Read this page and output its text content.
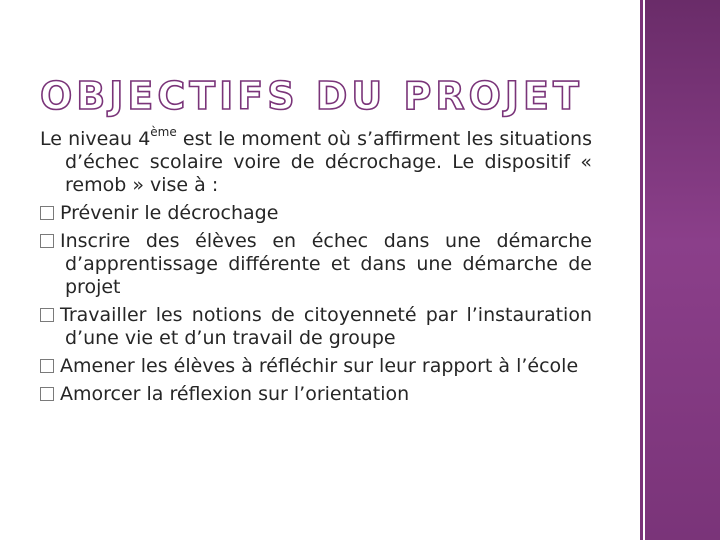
OBJECTIFS DU PROJET

Le niveau 4ème est le moment où s’affirment les situations d’échec scolaire voire de décrochage. Le dispositif « remob » vise à :

Prévenir le décrochage

Inscrire des élèves en échec dans une démarche d’apprentissage différente et dans une démarche de projet

Travailler les notions de citoyenneté par l’instauration d’une vie et d’un travail de groupe

Amener les élèves à réfléchir sur leur rapport à l’école

Amorcer la réflexion sur l’orientation
